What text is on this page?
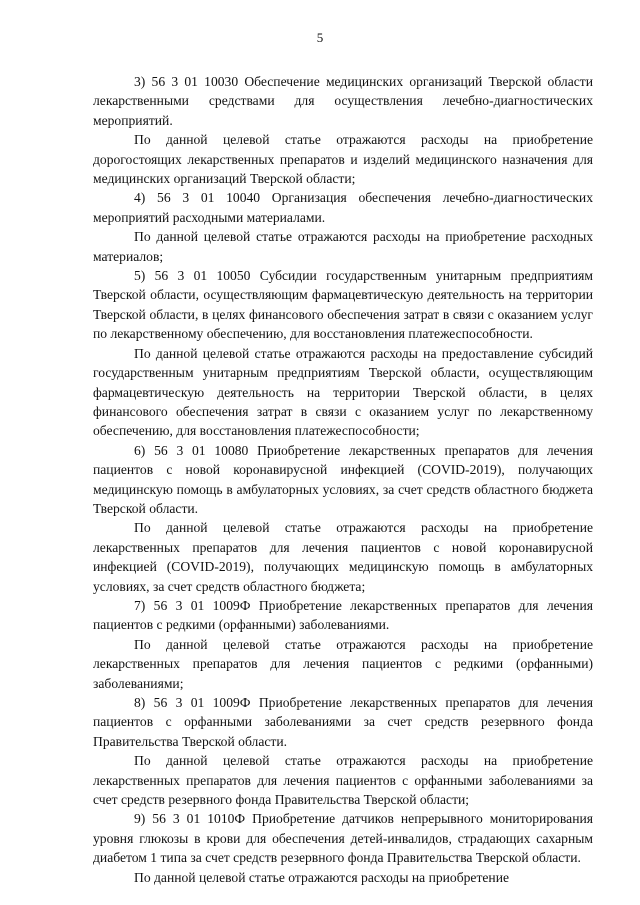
5

3) 56 3 01 10030 Обеспечение медицинских организаций Тверской области лекарственными средствами для осуществления лечебно-диагностических мероприятий.

По данной целевой статье отражаются расходы на приобретение дорогостоящих лекарственных препаратов и изделий медицинского назначения для медицинских организаций Тверской области;

4) 56 3 01 10040 Организация обеспечения лечебно-диагностических мероприятий расходными материалами.

По данной целевой статье отражаются расходы на приобретение расходных материалов;

5) 56 3 01 10050 Субсидии государственным унитарным предприятиям Тверской области, осуществляющим фармацевтическую деятельность на территории Тверской области, в целях финансового обеспечения затрат в связи с оказанием услуг по лекарственному обеспечению, для восстановления платежеспособности.

По данной целевой статье отражаются расходы на предоставление субсидий государственным унитарным предприятиям Тверской области, осуществляющим фармацевтическую деятельность на территории Тверской области, в целях финансового обеспечения затрат в связи с оказанием услуг по лекарственному обеспечению, для восстановления платежеспособности;

6) 56 3 01 10080 Приобретение лекарственных препаратов для лечения пациентов с новой коронавирусной инфекцией (COVID-2019), получающих медицинскую помощь в амбулаторных условиях, за счет средств областного бюджета Тверской области.

По данной целевой статье отражаются расходы на приобретение лекарственных препаратов для лечения пациентов с новой коронавирусной инфекцией (COVID-2019), получающих медицинскую помощь в амбулаторных условиях, за счет средств областного бюджета;

7) 56 3 01 1009Ф Приобретение лекарственных препаратов для лечения пациентов с редкими (орфанными) заболеваниями.

По данной целевой статье отражаются расходы на приобретение лекарственных препаратов для лечения пациентов с редкими (орфанными) заболеваниями;

8) 56 3 01 1009Ф Приобретение лекарственных препаратов для лечения пациентов с орфанными заболеваниями за счет средств резервного фонда Правительства Тверской области.

По данной целевой статье отражаются расходы на приобретение лекарственных препаратов для лечения пациентов с орфанными заболеваниями за счет средств резервного фонда Правительства Тверской области;

9) 56 3 01 1010Ф Приобретение датчиков непрерывного мониторирования уровня глюкозы в крови для обеспечения детей-инвалидов, страдающих сахарным диабетом 1 типа за счет средств резервного фонда Правительства Тверской области.

По данной целевой статье отражаются расходы на приобретение
